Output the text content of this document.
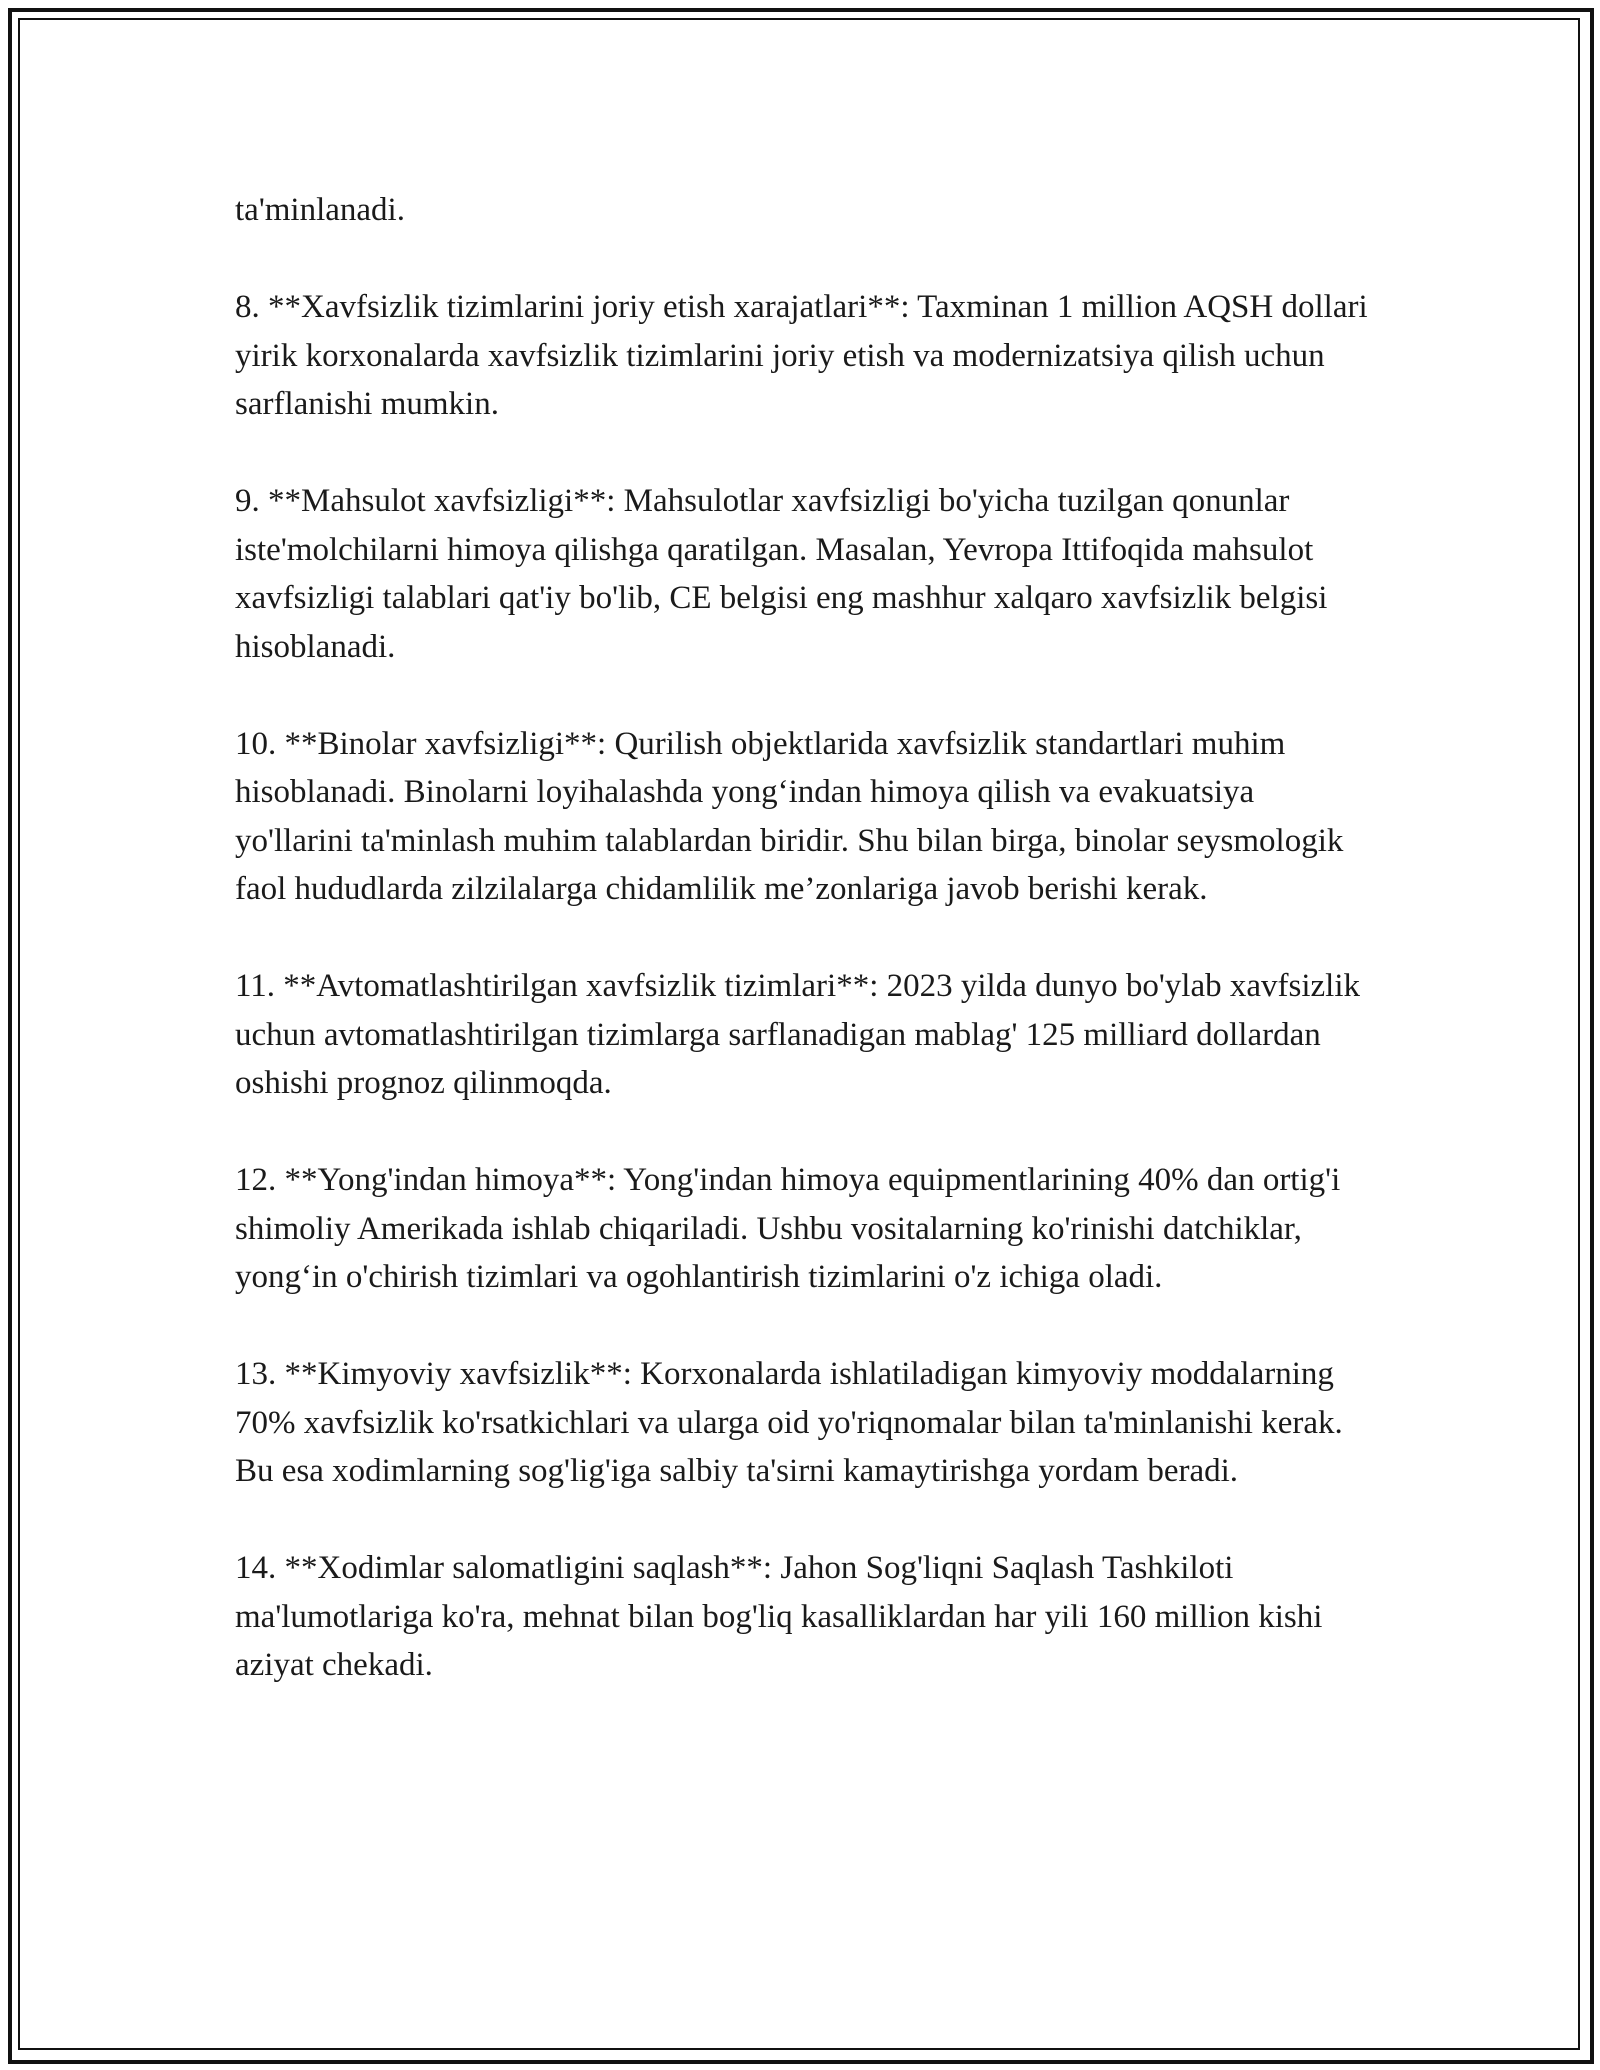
ta'minlanadi.

8. **Xavfsizlik tizimlarini joriy etish xarajatlari**: Taxminan 1 million AQSH dollari yirik korxonalarda xavfsizlik tizimlarini joriy etish va modernizatsiya qilish uchun sarflanishi mumkin.

9. **Mahsulot xavfsizligi**: Mahsulotlar xavfsizligi bo'yicha tuzilgan qonunlar iste'molchilarni himoya qilishga qaratilgan. Masalan, Yevropa Ittifoqida mahsulot xavfsizligi talablari qat'iy bo'lib, CE belgisi eng mashhur xalqaro xavfsizlik belgisi hisoblanadi.

10. **Binolar xavfsizligi**: Qurilish objektlarida xavfsizlik standartlari muhim hisoblanadi. Binolarni loyihalashda yong‘indan himoya qilish va evakuatsiya yo'llarini ta'minlash muhim talablardan biridir. Shu bilan birga, binolar seysmologik faol hududlarda zilzilalarga chidamlilik me’zonlariga javob berishi kerak.

11. **Avtomatlashtirilgan xavfsizlik tizimlari**: 2023 yilda dunyo bo'ylab xavfsizlik uchun avtomatlashtirilgan tizimlarga sarflanadigan mablag' 125 milliard dollardan oshishi prognoz qilinmoqda.

12. **Yong'indan himoya**: Yong'indan himoya equipmentlarining 40% dan ortig'i shimoliy Amerikada ishlab chiqariladi. Ushbu vositalarning ko'rinishi datchiklar, yong‘in o'chirish tizimlari va ogohlantirish tizimlarini o'z ichiga oladi.

13. **Kimyoviy xavfsizlik**: Korxonalarda ishlatiladigan kimyoviy moddalarning 70% xavfsizlik ko'rsatkichlari va ularga oid yo'riqnomalar bilan ta'minlanishi kerak. Bu esa xodimlarning sog'lig'iga salbiy ta'sirni kamaytirishga yordam beradi.

14. **Xodimlar salomatligini saqlash**: Jahon Sog'liqni Saqlash Tashkiloti ma'lumotlariga ko'ra, mehnat bilan bog'liq kasalliklardan har yili 160 million kishi aziyat chekadi.
